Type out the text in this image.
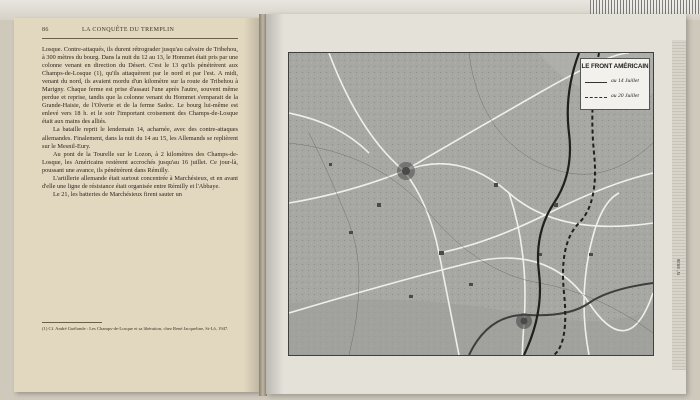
86	LA CONQUÊTE DU TREMPLIN

Losque. Contre-attaqués, ils durent rétrograder jusqu'au calvaire de Tribehou, à 300 mètres du bourg. Dans la nuit du 12 au 13, le Hommet était pris par une colonne venant en direction du Désert. C'est le 13 qu'ils pénétrèrent aux Champs-de-Losque (1), qu'ils attaquèrent par le nord et par l'est. A midi, venant du nord, ils avaient mordu d'un kilomètre sur la route de Tribehou à Marigny. Chaque ferme est prise d'assaut l'une après l'autre, souvent même perdue et reprise, tandis que la colonne venant du Hommet s'emparait de la Grande-Haisie, de l'Olverie et de la ferme Sadoc. Le bourg lui-même est enlevé vers 18 h. et le soir l'important croisement des Champs-de-Losque était aux mains des alliés.

La bataille reprit le lendemain 14, acharnée, avec des contre-attaques allemandes. Finalement, dans la nuit du 14 au 15, les Allemands se replièrent sur le Mesnil-Eury.

Au pont de la Tourelle sur le Lozon, à 2 kilomètres des Champs-de-Losque, les Américains restèrent accrochés jusqu'au 16 juillet. Ce jour-là, poussant une avance, ils pénétrèrent dans Rémilly.

L'artillerie allemande était surtout concentrée à Marchésieux, et en avant d'elle une ligne de résistance était organisée entre Rémilly et l'Abbaye.

Le 21, les batteries de Marchésieux firent sauter un

(1) Cf. André Guélonde : Les Champs-de-Losque et sa libération, chez René Jacqueline, St-Lô, 1947.
N° 8936
LE FRONT AMÉRICAIN
au 14 Juillet
au 20 Juillet
